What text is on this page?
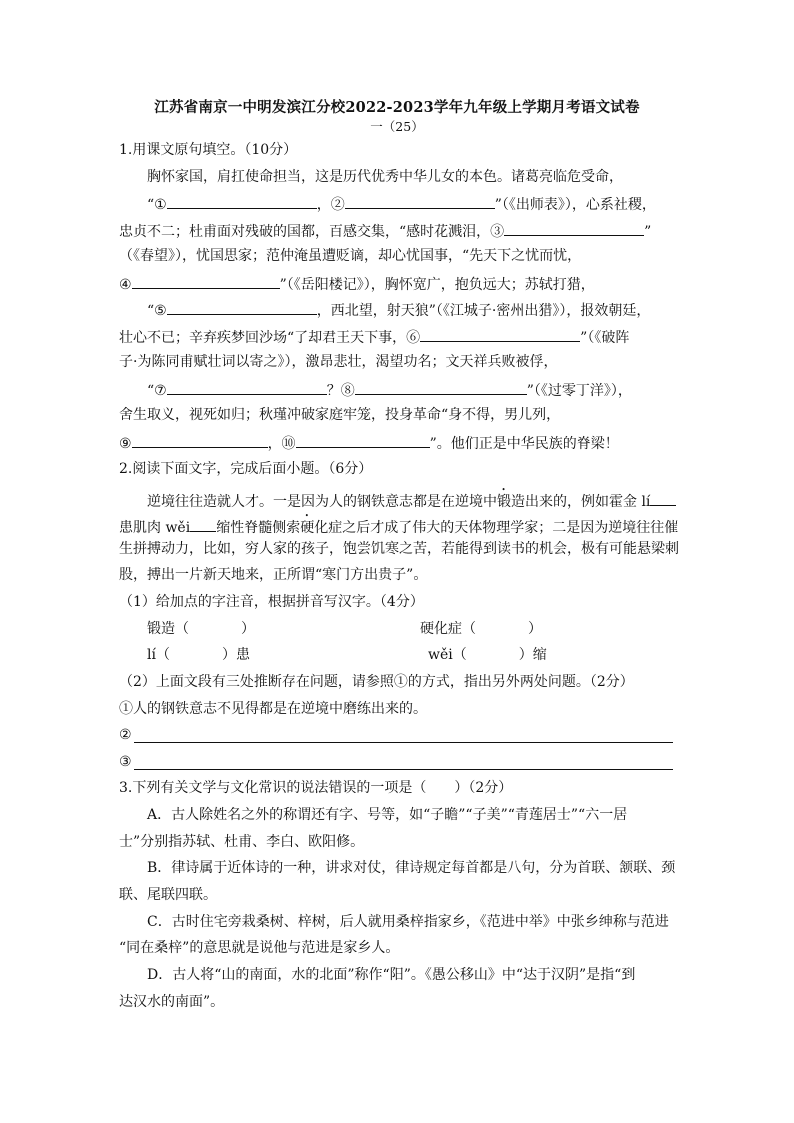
江苏省南京一中明发滨江分校2022-2023学年九年级上学期月考语文试卷
一（25）
1.用课文原句填空。（10分）
胸怀家国，肩扛使命担当，这是历代优秀中华儿女的本色。诸葛亮临危受命，
“①	，②	”（《出师表》），心系社稷，
忠贞不二；杜甫面对残破的国都，百感交集，“感时花溅泪，③	”
（《春望》），忧国思家；范仲淹虽遭贬谪，却心忧国事，“先天下之忧而忧，
④	”（《岳阳楼记》），胸怀宽广，抱负远大；苏轼打猎，
“⑤	，西北望，射天狼”（《江城子·密州出猎》），报效朝廷，
壮心不已；辛弃疾梦回沙场“了却君王天下事，⑥	”（《破阵
子·为陈同甫赋壮词以寄之》），激昂悲壮，渴望功名；文天祥兵败被俘，
“⑦	？⑧	”（《过零丁洋》），
舍生取义，视死如归；秋瑾冲破家庭牢笼，投身革命“身不得，男儿列，
⑨	，⑩	”。他们正是中华民族的脊梁！
2.阅读下面文字，完成后面小题。（6分）
逆境往往造就人才。一是因为人的钢铁意志都是在逆境中锻造出来的，例如霍金 lí
患肌肉 wěi 缩性脊髓侧索硬化症之后才成了伟大的天体物理学家；二是因为逆境往往催
生拼搏动力，比如，穷人家的孩子，饱尝饥寒之苦，若能得到读书的机会，极有可能悬梁刺
股，搏出一片新天地来，正所谓“寒门方出贵子”。
（1）给加点的字注音，根据拼音写汉字。（4分）
锻造（	）	硬化症（	）
lí（	）患	wěi（	）缩
（2）上面文段有三处推断存在问题，请参照①的方式，指出另外两处问题。（2分）
①人的钢铁意志不见得都是在逆境中磨练出来的。
②
③
3.下列有关文学与文化常识的说法错误的一项是（　　）（2分）
A．古人除姓名之外的称谓还有字、号等，如“子瞻”“子美”“青莲居士”“六一居
士”分别指苏轼、杜甫、李白、欧阳修。
B．律诗属于近体诗的一种，讲求对仗，律诗规定每首都是八句，分为首联、颔联、颈
联、尾联四联。
C．古时住宅旁栽桑树、梓树，后人就用桑梓指家乡，《范进中举》中张乡绅称与范进
“同在桑梓”的意思就是说他与范进是家乡人。
D．古人将“山的南面，水的北面”称作“阳”。《愚公移山》中“达于汉阴”是指“到
达汉水的南面”。
